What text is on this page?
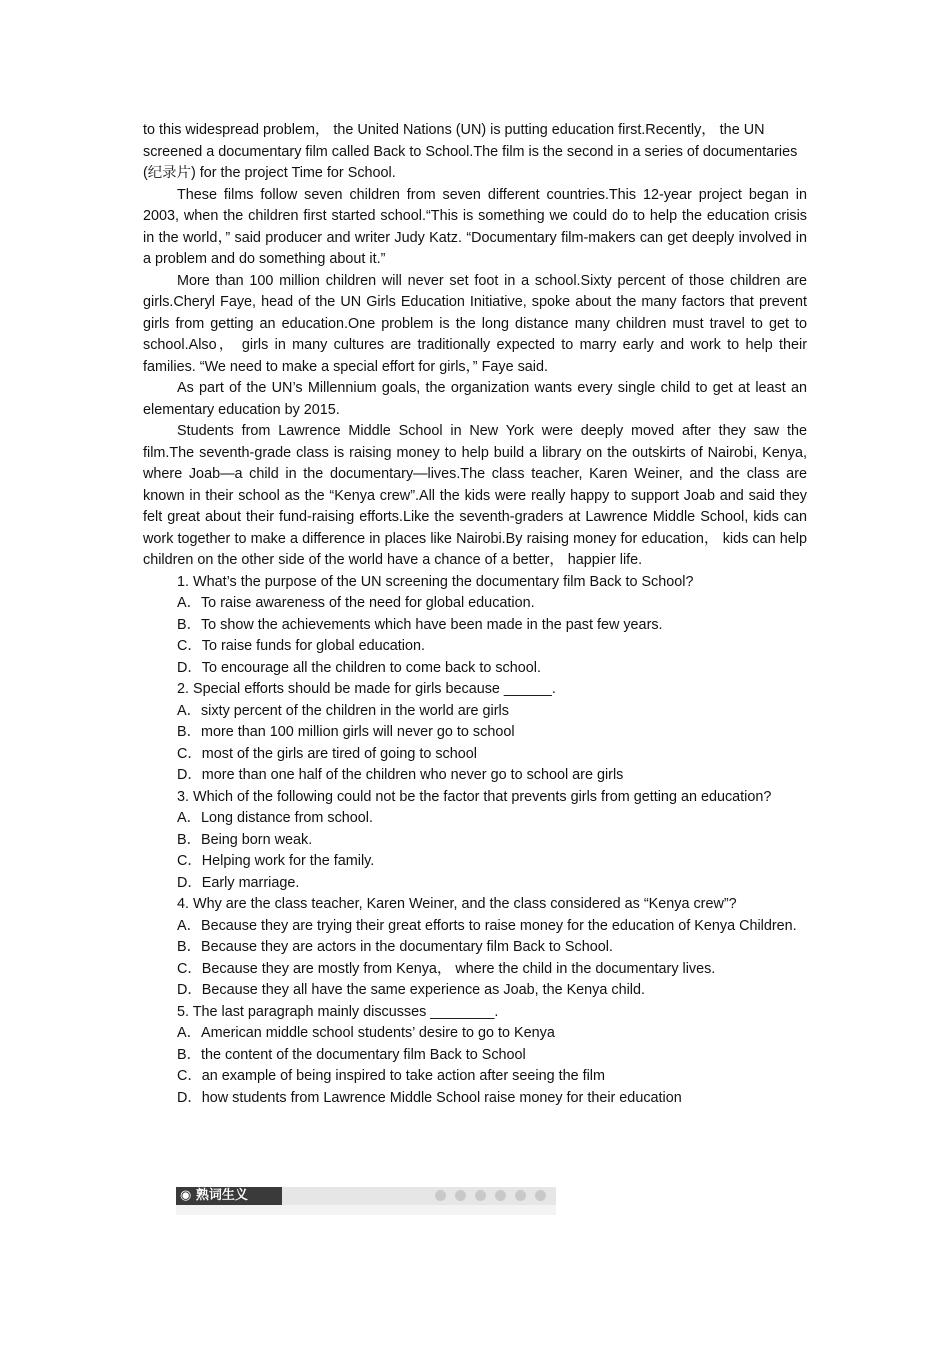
to this widespread problem， the United Nations (UN) is putting education first.Recently， the UN screened a documentary film called Back to School.The film is the second in a series of documentaries (纪录片) for the project Time for School.

These films follow seven children from seven different countries.This 12-year project began in 2003, when the children first started school.“This is something we could do to help the education crisis in the world，” said producer and writer Judy Katz. “Documentary film-makers can get deeply involved in a problem and do something about it.”

More than 100 million children will never set foot in a school.Sixty percent of those children are girls.Cheryl Faye, head of the UN Girls Education Initiative, spoke about the many factors that prevent girls from getting an education.One problem is the long distance many children must travel to get to school.Also， girls in many cultures are traditionally expected to marry early and work to help their families. “We need to make a special effort for girls，” Faye said.

As part of the UN’s Millennium goals, the organization wants every single child to get at least an elementary education by 2015.

Students from Lawrence Middle School in New York were deeply moved after they saw the film.The seventh-grade class is raising money to help build a library on the outskirts of Nairobi, Kenya, where Joab—a child in the documentary—lives.The class teacher, Karen Weiner, and the class are known in their school as the “Kenya crew”.All the kids were really happy to support Joab and said they felt great about their fund-raising efforts.Like the seventh-graders at Lawrence Middle School, kids can work together to make a difference in places like Nairobi.By raising money for education， kids can help children on the other side of the world have a chance of a better， happier life.

1. What’s the purpose of the UN screening the documentary film Back to School?

A．To raise awareness of the need for global education.

B．To show the achievements which have been made in the past few years.

C．To raise funds for global education.

D．To encourage all the children to come back to school.

2. Special efforts should be made for girls because ______.

A．sixty percent of the children in the world are girls

B．more than 100 million girls will never go to school

C．most of the girls are tired of going to school

D．more than one half of the children who never go to school are girls

3. Which of the following could not be the factor that prevents girls from getting an education?

A．Long distance from school.

B．Being born weak.

C．Helping work for the family.

D．Early marriage.

4. Why are the class teacher, Karen Weiner, and the class considered as “Kenya crew”?

A．Because they are trying their great efforts to raise money for the education of Kenya Children.

B．Because they are actors in the documentary film Back to School.

C．Because they are mostly from Kenya， where the child in the documentary lives.

D．Because they all have the same experience as Joab, the Kenya child.

5. The last paragraph mainly discusses ________.

A．American middle school students’ desire to go to Kenya

B．the content of the documentary film Back to School

C．an example of being inspired to take action after seeing the film

D．how students from Lawrence Middle School raise money for their education

◉ 熟词生义
